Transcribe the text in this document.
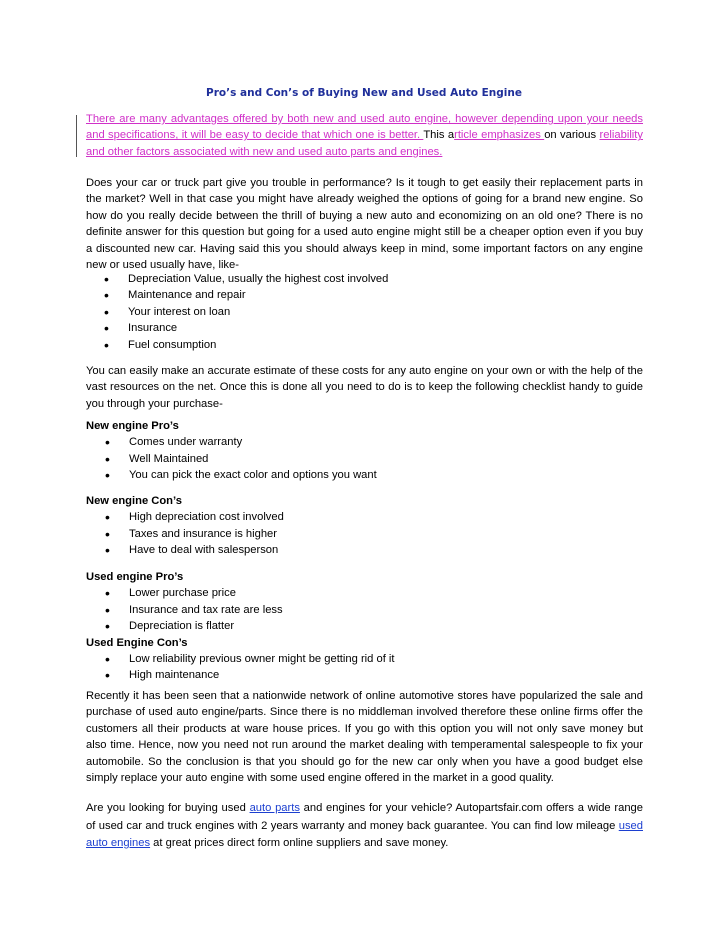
Pro’s and Con’s of Buying New and Used Auto Engine

There are many advantages offered by both new and used auto engine, however depending upon your needs and specifications, it will be easy to decide that which one is better. This article emphasizes on various reliability and other factors associated with new and used auto parts and engines.

Does your car or truck part give you trouble in performance? Is it tough to get easily their replacement parts in the market? Well in that case you might have already weighed the options of going for a brand new engine. So how do you really decide between the thrill of buying a new auto and economizing on an old one? There is no definite answer for this question but going for a used auto engine might still be a cheaper option even if you buy a discounted new car. Having said this you should always keep in mind, some important factors on any engine new or used usually have, like-

• Depreciation Value, usually the highest cost involved
• Maintenance and repair
• Your interest on loan
• Insurance
• Fuel consumption

You can easily make an accurate estimate of these costs for any auto engine on your own or with the help of the vast resources on the net. Once this is done all you need to do is to keep the following checklist handy to guide you through your purchase-

New engine Pro’s
• Comes under warranty
• Well Maintained
• You can pick the exact color and options you want
New engine Con’s
• High depreciation cost involved
• Taxes and insurance is higher
• Have to deal with salesperson
Used engine Pro’s
• Lower purchase price
• Insurance and tax rate are less
• Depreciation is flatter
Used Engine Con’s
• Low reliability previous owner might be getting rid of it
• High maintenance

Recently it has been seen that a nationwide network of online automotive stores have popularized the sale and purchase of used auto engine/parts. Since there is no middleman involved therefore these online firms offer the customers all their products at ware house prices. If you go with this option you will not only save money but also time. Hence, now you need not run around the market dealing with temperamental salespeople to fix your automobile. So the conclusion is that you should go for the new car only when you have a good budget else simply replace your auto engine with some used engine offered in the market in a good quality.

Are you looking for buying used auto parts and engines for your vehicle? Autopartsfair.com offers a wide range of used car and truck engines with 2 years warranty and money back guarantee. You can find low mileage used auto engines at great prices direct form online suppliers and save money.
